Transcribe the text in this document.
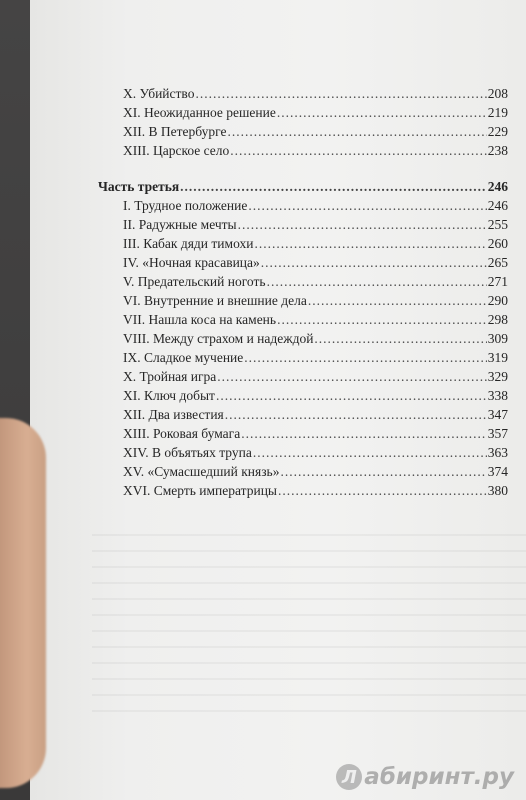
X. Убийство .....	208
XI. Неожиданное решение .....	219
XII. В Петербурге .....	229
XIII. Царское село .....	238
Часть третья .....	246
I. Трудное положение .....	246
II. Радужные мечты .....	255
III. Кабак дяди тимохи .....	260
IV. «Ночная красавица» .....	265
V. Предательский ноготь .....	271
VI. Внутренние и внешние дела .....	290
VII. Нашла коса на камень .....	298
VIII. Между страхом и надеждой .....	309
IX. Сладкое мучение .....	319
X. Тройная игра .....	329
XI. Ключ добыт .....	338
XII. Два известия .....	347
XIII. Роковая бумага .....	357
XIV. В объятьях трупа .....	363
XV. «Сумасшедший князь» .....	374
XVI. Смерть императрицы .....	380
Л абиринт.ру
